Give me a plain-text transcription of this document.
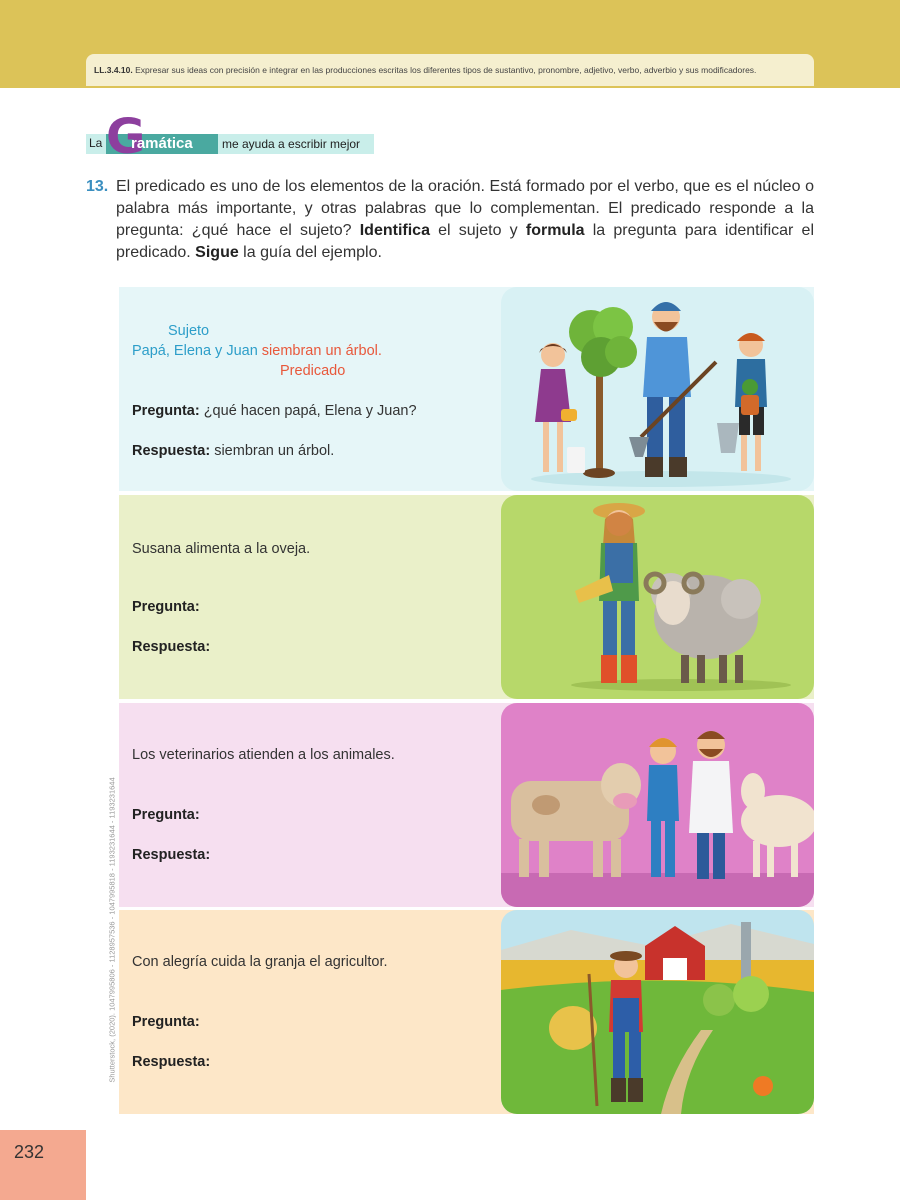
LL.3.4.10. Expresar sus ideas con precisión e integrar en las producciones escritas los diferentes tipos de sustantivo, pronombre, adjetivo, verbo, adverbio y sus modificadores.
La G
ramática me ayuda a escribir mejor
13. El predicado es uno de los elementos de la oración. Está formado por el verbo, que es el núcleo o palabra más importante, y otras palabras que lo complementan. El predicado responde a la pregunta: ¿qué hace el sujeto? Identifica el sujeto y formula la pregunta para identificar el predicado. Sigue la guía del ejemplo.
Sujeto
Papá, Elena y Juan siembran un árbol.
Predicado
Pregunta: ¿qué hacen papá, Elena y Juan?
Respuesta: siembran un árbol.
Susana alimenta a la oveja.
Pregunta:
Respuesta:
Los veterinarios atienden a los animales.
Pregunta:
Respuesta:
Con alegría cuida la granja el agricultor.
Pregunta:
Respuesta:
Shutterstock, (2020). 1047995806 - 1128957536 - 1047995818 - 1193231644 - 1193231644
232
